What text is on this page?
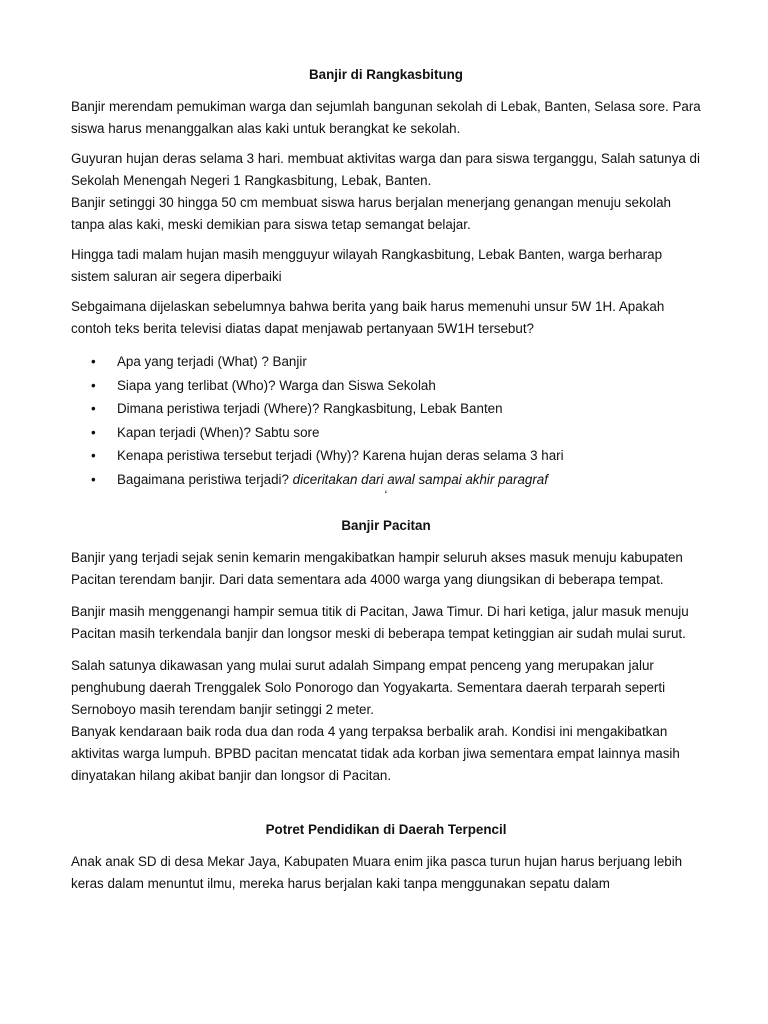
Banjir di Rangkasbitung

Banjir merendam pemukiman warga dan sejumlah bangunan sekolah di Lebak, Banten, Selasa sore. Para siswa harus menanggalkan alas kaki untuk berangkat ke sekolah.

Guyuran hujan deras selama 3 hari. membuat aktivitas warga dan para siswa terganggu, Salah satunya di Sekolah Menengah Negeri 1 Rangkasbitung, Lebak, Banten.

Banjir setinggi 30 hingga 50 cm membuat siswa harus berjalan menerjang genangan menuju sekolah tanpa alas kaki, meski demikian para siswa tetap semangat belajar.

Hingga tadi malam hujan masih mengguyur wilayah Rangkasbitung, Lebak Banten, warga berharap sistem saluran air segera diperbaiki

Sebgaimana dijelaskan sebelumnya bahwa berita yang baik harus memenuhi unsur 5W 1H. Apakah contoh teks berita televisi diatas dapat menjawab pertanyaan 5W1H tersebut?

• Apa yang terjadi (What) ? Banjir
• Siapa yang terlibat (Who)? Warga dan Siswa Sekolah
• Dimana peristiwa terjadi (Where)? Rangkasbitung, Lebak Banten
• Kapan terjadi (When)? Sabtu sore
• Kenapa peristiwa tersebut terjadi (Why)? Karena hujan deras selama 3 hari
• Bagaimana peristiwa terjadi? diceritakan dari awal sampai akhir paragraf
‘
Banjir Pacitan

Banjir yang terjadi sejak senin kemarin mengakibatkan hampir seluruh akses masuk menuju kabupaten Pacitan terendam banjir. Dari data sementara ada 4000 warga yang diungsikan di beberapa tempat.

Banjir masih menggenangi hampir semua titik di Pacitan, Jawa Timur. Di hari ketiga, jalur masuk menuju Pacitan masih terkendala banjir dan longsor meski di beberapa tempat ketinggian air sudah mulai surut.

Salah satunya dikawasan yang mulai surut adalah Simpang empat penceng yang merupakan jalur penghubung daerah Trenggalek Solo Ponorogo dan Yogyakarta. Sementara daerah terparah seperti Sernoboyo masih terendam banjir setinggi 2 meter.

Banyak kendaraan baik roda dua dan roda 4 yang terpaksa berbalik arah. Kondisi ini mengakibatkan aktivitas warga lumpuh. BPBD pacitan mencatat tidak ada korban jiwa sementara empat lainnya masih dinyatakan hilang akibat banjir dan longsor di Pacitan.

Potret Pendidikan di Daerah Terpencil

Anak anak SD di desa Mekar Jaya, Kabupaten Muara enim jika pasca turun hujan harus berjuang lebih keras dalam menuntut ilmu, mereka harus berjalan kaki tanpa menggunakan sepatu dalam
